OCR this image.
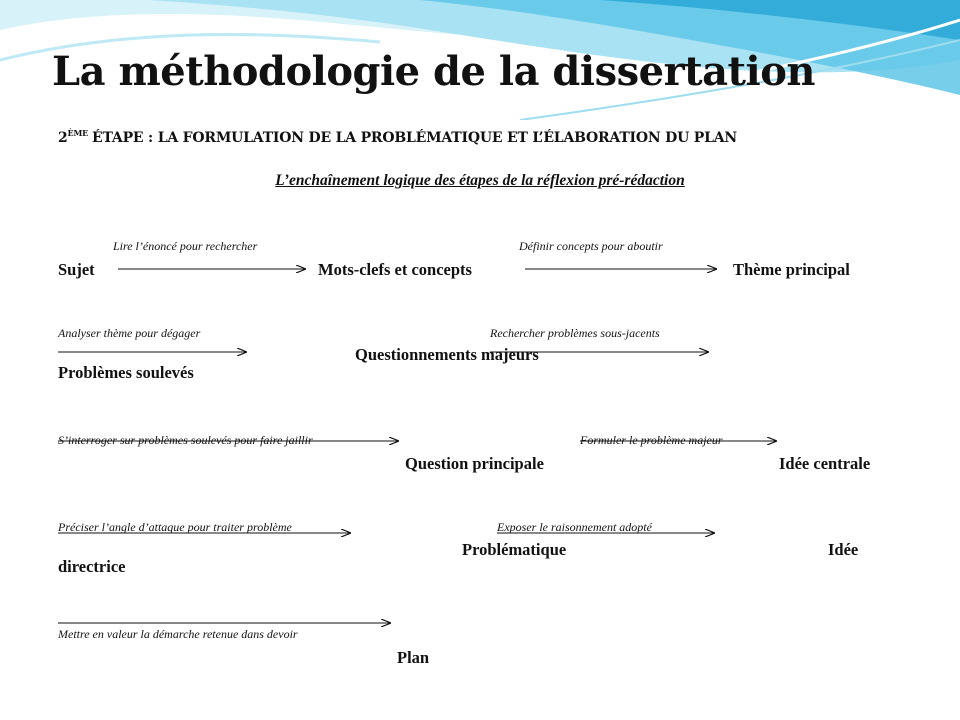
La méthodologie de la dissertation
2ÈME ÉTAPE : LA FORMULATION DE LA PROBLÉMATIQUE ET L’ÉLABORATION DU PLAN
L’enchaînement logique des étapes de la réflexion pré-rédaction
Lire l’énoncé pour rechercher	Définir concepts pour aboutir
Sujet	Mots-clefs et concepts	Thème principal
Analyser thème pour dégager	Rechercher problèmes sous-jacents
Questionnements majeurs
Problèmes soulevés
S’interroger sur problèmes soulevés pour faire jaillir	Formuler le problème majeur
Question principale	Idée centrale
Préciser l’angle d’attaque pour traiter problème	Exposer le raisonnement adopté
Problématique	Idée
directrice
Mettre en valeur la démarche retenue dans devoir
Plan
